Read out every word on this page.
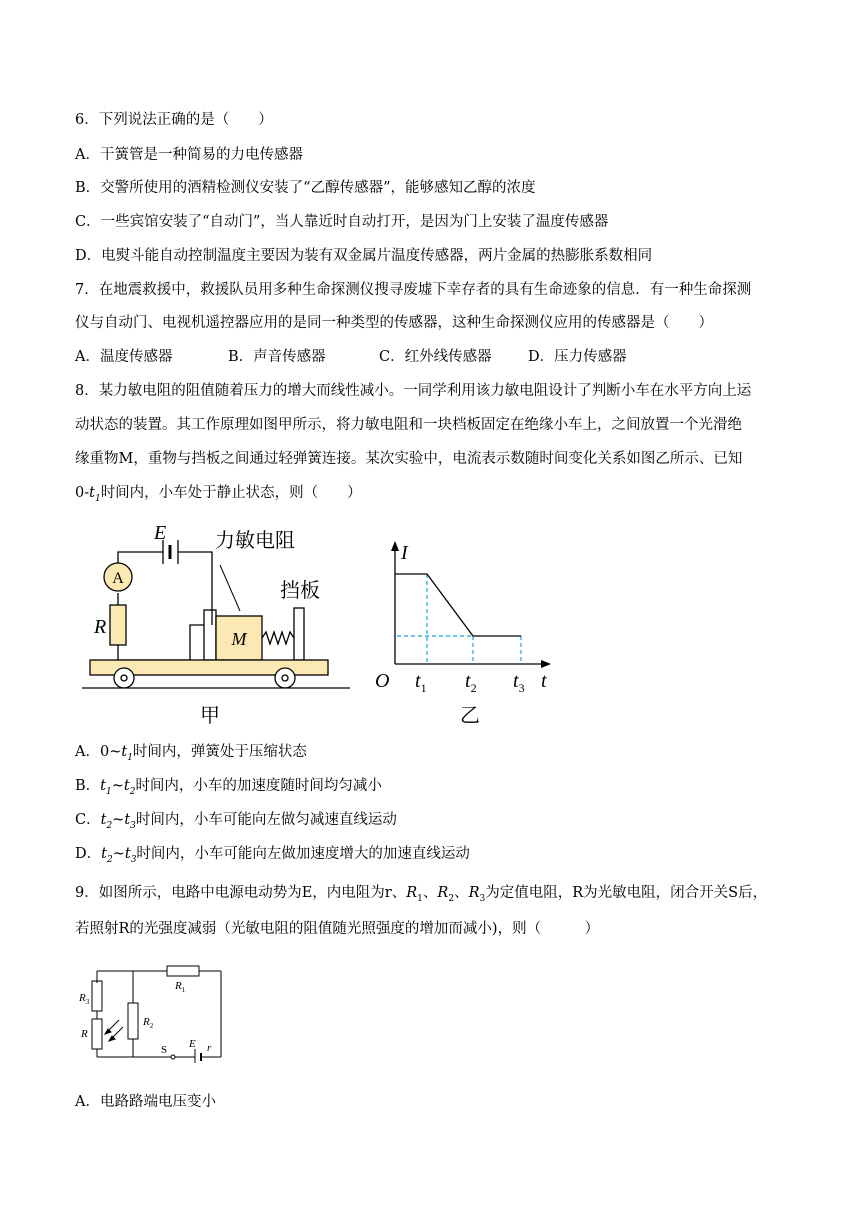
6．下列说法正确的是（　　）
A．干簧管是一种简易的力电传感器
B．交警所使用的酒精检测仪安装了“乙醇传感器”，能够感知乙醇的浓度
C．一些宾馆安装了“自动门”，当人靠近时自动打开，是因为门上安装了温度传感器
D．电熨斗能自动控制温度主要因为装有双金属片温度传感器，两片金属的热膨胀系数相同
7．在地震救援中，救援队员用多种生命探测仪搜寻废墟下幸存者的具有生命迹象的信息．有一种生命探测
仪与自动门、电视机遥控器应用的是同一种类型的传感器，这种生命探测仪应用的传感器是（　　）
A．温度传感器	B．声音传感器	C．红外线传感器	D．压力传感器
8．某力敏电阻的阻值随着压力的增大而线性减小。一同学利用该力敏电阻设计了判断小车在水平方向上运
动状态的装置。其工作原理如图甲所示，将力敏电阻和一块档板固定在绝缘小车上，之间放置一个光滑绝
缘重物M，重物与挡板之间通过轻弹簧连接。某次实验中，电流表示数随时间变化关系如图乙所示、已知
$0-t_1$时间内，小车处于静止状态，则（　　）
A
E 力敏电阻
挡板
R
M
甲
I
t
O $t_1$ $t_2$ $t_3$
乙
A．$0\sim t_1$时间内，弹簧处于压缩状态
B．$t_1\sim t_2$时间内，小车的加速度随时间均匀减小
C．$t_2\sim t_3$时间内，小车可能向左做匀减速直线运动
D．$t_2\sim t_3$时间内，小车可能向左做加速度增大的加速直线运动
9．如图所示，电路中电源电动势为E，内电阻为r、$R_1$、$R_2$、$R_3$为定值电阻，R为光敏电阻，闭合开关S后，
若照射R的光强度减弱（光敏电阻的阻值随光照强度的增加而减小)，则（　　　）
$R_1$
$R_3$
R
$R_2$
S E r
A．电路路端电压变小
